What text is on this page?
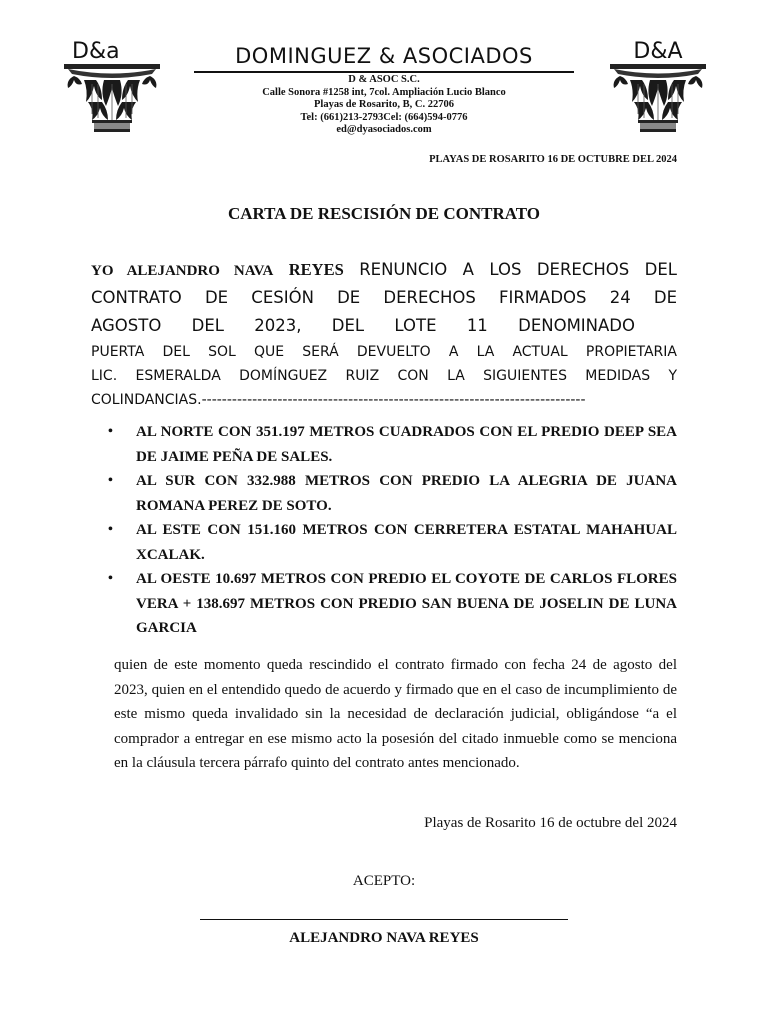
D&a	D&A
DOMINGUEZ & ASOCIADOS
D & ASOC S.C.
Calle Sonora #1258 int, 7col. Ampliación Lucio Blanco
Playas de Rosarito, B, C. 22706
Tel: (661)213-2793Cel: (664)594-0776
ed@dyasociados.com
PLAYAS DE ROSARITO 16 DE OCTUBRE DEL 2024
CARTA DE RESCISIÓN DE CONTRATO
YO ALEJANDRO NAVA REYES RENUNCIO A LOS DERECHOS DEL
CONTRATO DE CESIÓN DE DERECHOS FIRMADOS 24 DE
AGOSTO DEL 2023, DEL LOTE 11 DENOMINADO
PUERTA DEL SOL QUE SERÁ DEVUELTO A LA ACTUAL PROPIETARIA
LIC. ESMERALDA DOMÍNGUEZ RUIZ CON LA SIGUIENTES MEDIDAS Y
COLINDANCIAS.----------------------------------------------------------------------------
• AL NORTE CON 351.197 METROS CUADRADOS CON EL PREDIO DEEP SEA DE JAIME PEÑA DE SALES.
• AL SUR CON 332.988 METROS CON PREDIO LA ALEGRIA DE JUANA ROMANA PEREZ DE SOTO.
• AL ESTE CON 151.160 METROS CON CERRETERA ESTATAL MAHAHUAL XCALAK.
• AL OESTE 10.697 METROS CON PREDIO EL COYOTE DE CARLOS FLORES VERA + 138.697 METROS CON PREDIO SAN BUENA DE JOSELIN DE LUNA GARCIA
quien de este momento queda rescindido el contrato firmado con fecha 24 de agosto del 2023, quien en el entendido quedo de acuerdo y firmado que en el caso de incumplimiento de este mismo queda invalidado sin la necesidad de declaración judicial, obligándose “a el comprador a entregar en ese mismo acto la posesión del citado inmueble como se menciona en la cláusula tercera párrafo quinto del contrato antes mencionado.
Playas de Rosarito 16 de octubre del 2024
ACEPTO:
ALEJANDRO NAVA REYES
